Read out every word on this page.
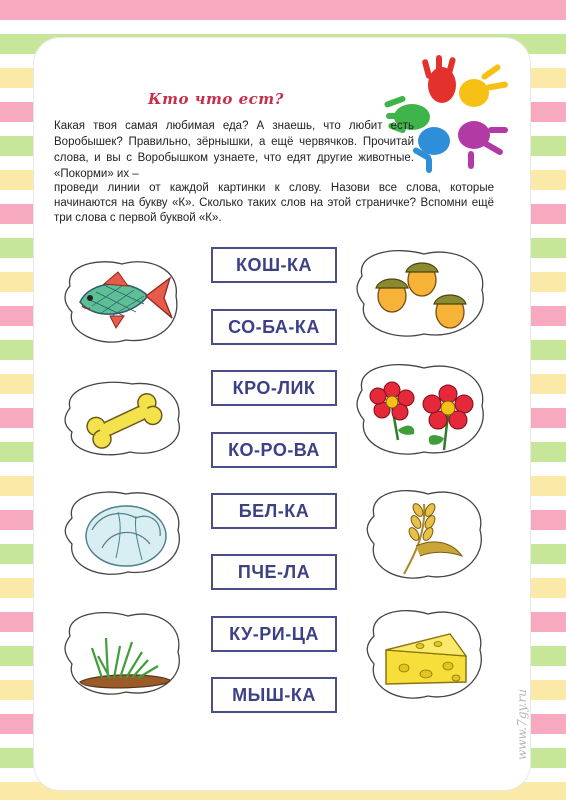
Кто что ест?
Какая твоя самая любимая еда? А знаешь, что любит есть Воробышек? Правильно, зёрнышки, а ещё червячков. Прочитай слова, и вы с Воробышком узнаете, что едят другие животные. «Покорми» их –
проведи линии от каждой картинки к слову. Назови все слова, которые начинаются на букву «К». Сколько таких слов на этой страничке? Вспомни ещё три слова с первой буквой «К».
КОШ-КА
СО-БА-КА
КРО-ЛИК
КО-РО-ВА
БЕЛ-КА
ПЧЕ-ЛА
КУ-РИ-ЦА
МЫШ-КА	www.7gy.ru
